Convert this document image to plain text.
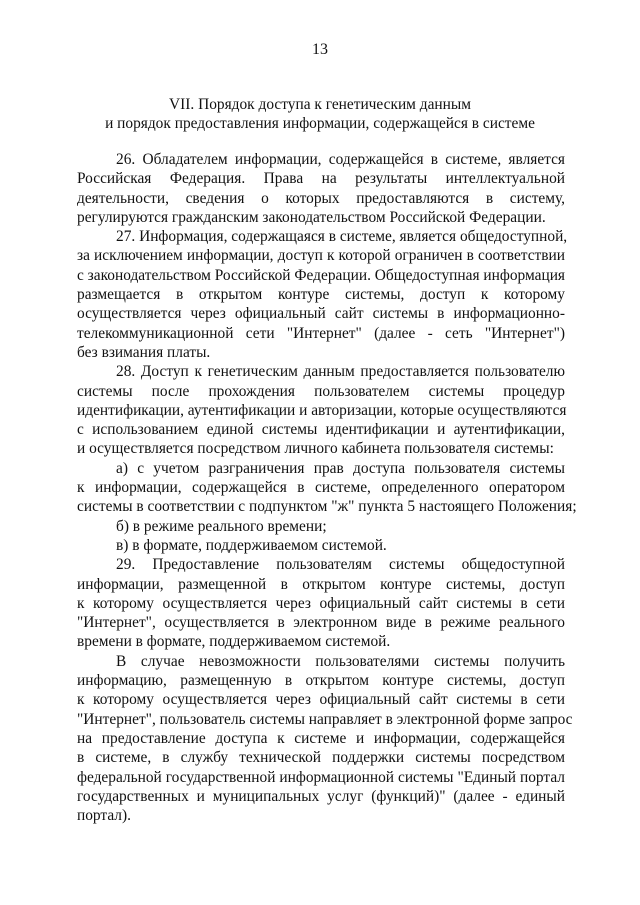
13
VII. Порядок доступа к генетическим данным
и порядок предоставления информации, содержащейся в системе
26. Обладателем информации, содержащейся в системе, является
Российская Федерация. Права на результаты интеллектуальной
деятельности, сведения о которых предоставляются в систему,
регулируются гражданским законодательством Российской Федерации.
27. Информация, содержащаяся в системе, является общедоступной,
за исключением информации, доступ к которой ограничен в соответствии
с законодательством Российской Федерации. Общедоступная информация
размещается в открытом контуре системы, доступ к которому
осуществляется через официальный сайт системы в информационно-
телекоммуникационной сети "Интернет" (далее - сеть "Интернет")
без взимания платы.
28. Доступ к генетическим данным предоставляется пользователю
системы после прохождения пользователем системы процедур
идентификации, аутентификации и авторизации, которые осуществляются
с использованием единой системы идентификации и аутентификации,
и осуществляется посредством личного кабинета пользователя системы:
а) с учетом разграничения прав доступа пользователя системы
к информации, содержащейся в системе, определенного оператором
системы в соответствии с подпунктом "ж" пункта 5 настоящего Положения;
б) в режиме реального времени;
в) в формате, поддерживаемом системой.
29. Предоставление пользователям системы общедоступной
информации, размещенной в открытом контуре системы, доступ
к которому осуществляется через официальный сайт системы в сети
"Интернет", осуществляется в электронном виде в режиме реального
времени в формате, поддерживаемом системой.
В случае невозможности пользователями системы получить
информацию, размещенную в открытом контуре системы, доступ
к которому осуществляется через официальный сайт системы в сети
"Интернет", пользователь системы направляет в электронной форме запрос
на предоставление доступа к системе и информации, содержащейся
в системе, в службу технической поддержки системы посредством
федеральной государственной информационной системы "Единый портал
государственных и муниципальных услуг (функций)" (далее - единый
портал).
